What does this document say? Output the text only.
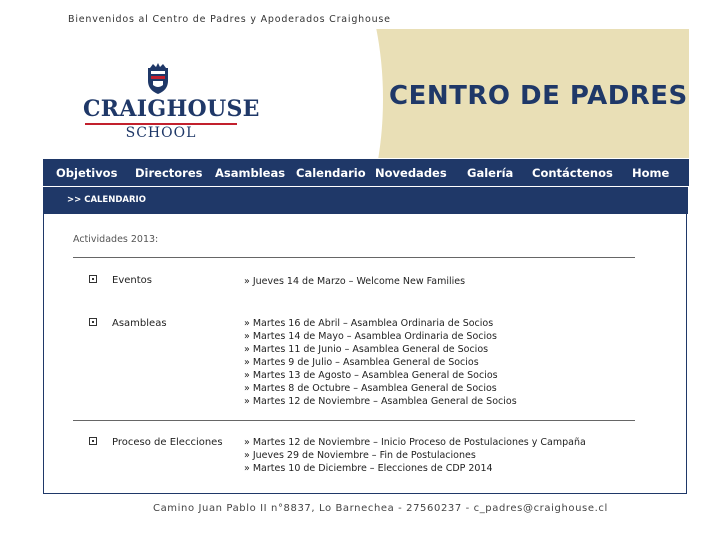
Bienvenidos al Centro de Padres y Apoderados Craighouse
CENTRO DE PADRES
CRAIGHOUSE
SCHOOL
Objetivos Directores Asambleas Calendario Novedades Galería Contáctenos Home
>> CALENDARIO
Actividades 2013:
Eventos	» Jueves 14 de Marzo – Welcome New Families
Asambleas	» Martes 16 de Abril – Asamblea Ordinaria de Socios
» Martes 14 de Mayo – Asamblea Ordinaria de Socios
» Martes 11 de Junio – Asamblea General de Socios
» Martes 9 de Julio – Asamblea General de Socios
» Martes 13 de Agosto – Asamblea General de Socios
» Martes 8 de Octubre – Asamblea General de Socios
» Martes 12 de Noviembre – Asamblea General de Socios
Proceso de Elecciones » Martes 12 de Noviembre – Inicio Proceso de Postulaciones y Campaña
» Jueves 29 de Noviembre – Fin de Postulaciones
» Martes 10 de Diciembre – Elecciones de CDP 2014
Camino Juan Pablo II n°8837, Lo Barnechea - 27560237 - c_padres@craighouse.cl
